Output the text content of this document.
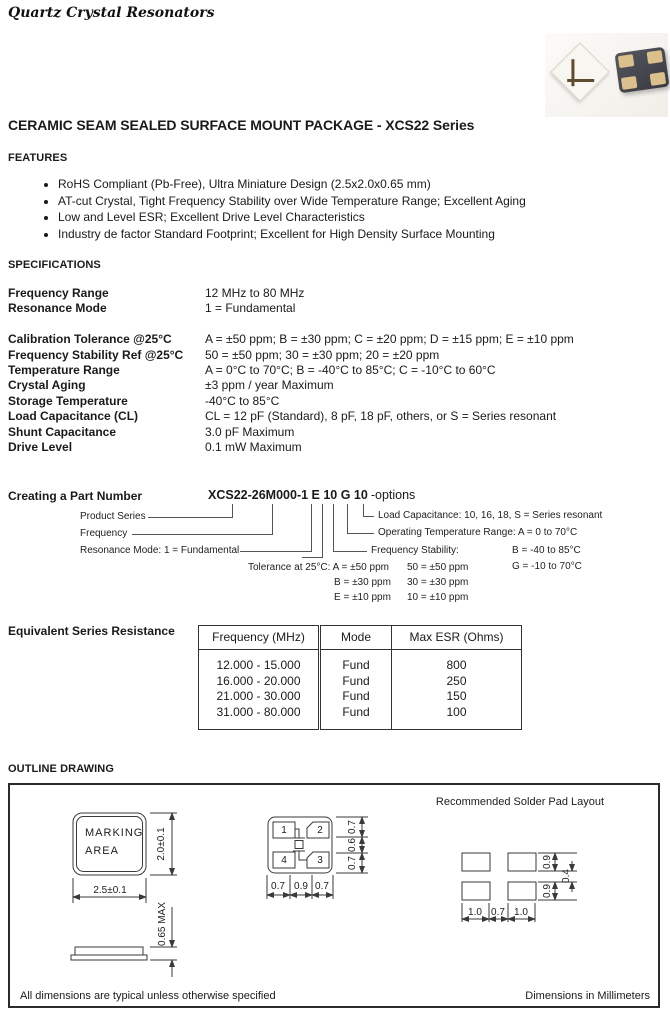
Quartz Crystal Resonators
CERAMIC SEAM SEALED SURFACE MOUNT PACKAGE - XCS22 Series
FEATURES
• RoHS Compliant (Pb-Free), Ultra Miniature Design (2.5x2.0x0.65 mm)
• AT-cut Crystal, Tight Frequency Stability over Wide Temperature Range; Excellent Aging
• Low and Level ESR; Excellent Drive Level Characteristics
• Industry de factor Standard Footprint; Excellent for High Density Surface Mounting
SPECIFICATIONS
Frequency Range	12 MHz to 80 MHz
Resonance Mode	1 = Fundamental
Calibration Tolerance @25°C	A = ±50 ppm; B = ±30 ppm; C = ±20 ppm; D = ±15 ppm; E = ±10 ppm
Frequency Stability Ref @25°C	50 = ±50 ppm; 30 = ±30 ppm; 20 = ±20 ppm
Temperature Range	A = 0°C to 70°C; B = -40°C to 85°C; C = -10°C to 60°C
Crystal Aging	±3 ppm / year Maximum
Storage Temperature	-40°C to 85°C
Load Capacitance (CL)	CL = 12 pF (Standard), 8 pF, 18 pF, others, or S = Series resonant
Shunt Capacitance	3.0 pF Maximum
Drive Level	0.1 mW Maximum
Creating a Part Number	XCS22-26M000-1 E 10 G 10 -options
Product Series
Frequency
Resonance Mode: 1 = Fundamental
Tolerance at 25°C: A = ±50 ppm
B = ±30 ppm
E = ±10 ppm
Load Capacitance: 10, 16, 18, S = Series resonant
Operating Temperature Range: A = 0 to 70°C
B = -40 to 85°C
G = -10 to 70°C
Frequency Stability:
50 = ±50 ppm
30 = ±30 ppm
10 = ±10 ppm
Equivalent Series Resistance	Frequency (MHz)	Mode	Max ESR (Ohms)
12.000 - 15.000	Fund	800
16.000 - 20.000	Fund	250
21.000 - 30.000	Fund	150
31.000 - 80.000	Fund	100
OUTLINE DRAWING
Recommended Solder Pad Layout
MARKING
AREA	2.0±0.1
2.5±0.1
0.65 MAX
1	2
4	3
0.7 0.9 0.7
0.7
0.6
0.7	0.9
0.9
0.4
1.0 0.7 1.0
All dimensions are typical unless otherwise specified	Dimensions in Millimeters
